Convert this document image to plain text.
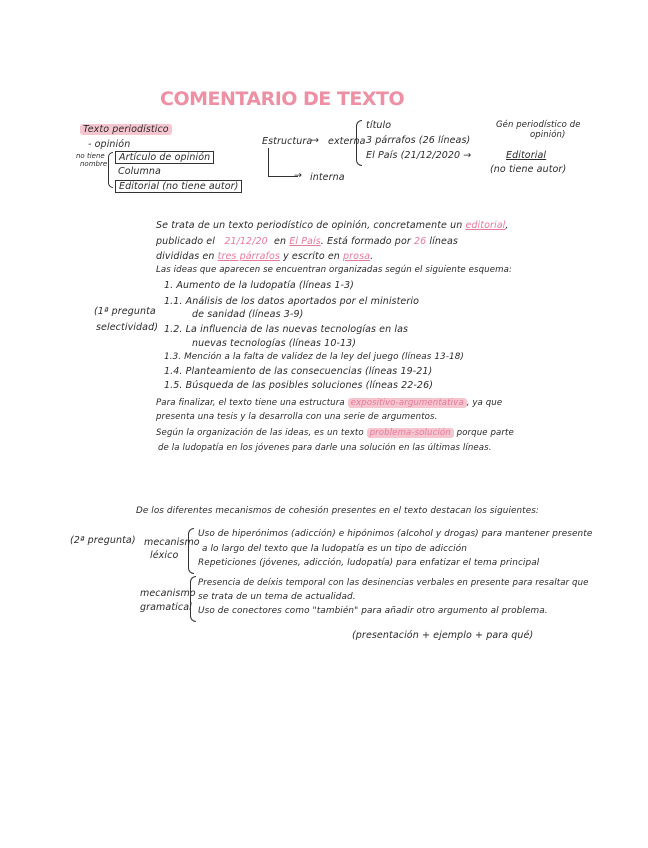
COMENTARIO DE TEXTO
Texto periodístico
- opinión
no tiene
nombre
Artículo de opinión
Columna
Editorial (no tiene autor)
Estructura
→ externa
título
3 párrafos (26 líneas)
El País (21/12/2020 →	Editorial
(no tiene autor)
Gén periodístico de
opinión)
→ interna
Se trata de un texto periodístico de opinión, concretamente un editorial,
publicado el 21/12/20 en El País. Está formado por 26 líneas
divididas en tres párrafos y escrito en prosa.
Las ideas que aparecen se encuentran organizadas según el siguiente esquema:
(1ª pregunta
selectividad)
1. Aumento de la ludopatía (líneas 1-3)
1.1. Análisis de los datos aportados por el ministerio
de sanidad (líneas 3-9)
1.2. La influencia de las nuevas tecnologías en las
nuevas tecnologías (líneas 10-13)
1.3. Mención a la falta de validez de la ley del juego (líneas 13-18)
1.4. Planteamiento de las consecuencias (líneas 19-21)
1.5. Búsqueda de las posibles soluciones (líneas 22-26)
Para finalizar, el texto tiene una estructura expositivo-argumentativa , ya que
presenta una tesis y la desarrolla con una serie de argumentos.
Según la organización de las ideas, es un texto problema-solución porque parte
de la ludopatía en los jóvenes para darle una solución en las últimas líneas.
De los diferentes mecanismos de cohesión presentes en el texto destacan los siguientes:
(2ª pregunta) mecanismo
léxico
Uso de hiperónimos (adicción) e hipónimos (alcohol y drogas) para mantener presente
a lo largo del texto que la ludopatía es un tipo de adicción
Repeticiones (jóvenes, adicción, ludopatía) para enfatizar el tema principal
mecanismo
gramatical
Presencia de deíxis temporal con las desinencias verbales en presente para resaltar que
se trata de un tema de actualidad.
Uso de conectores como "también" para añadir otro argumento al problema.
(presentación + ejemplo + para qué)
